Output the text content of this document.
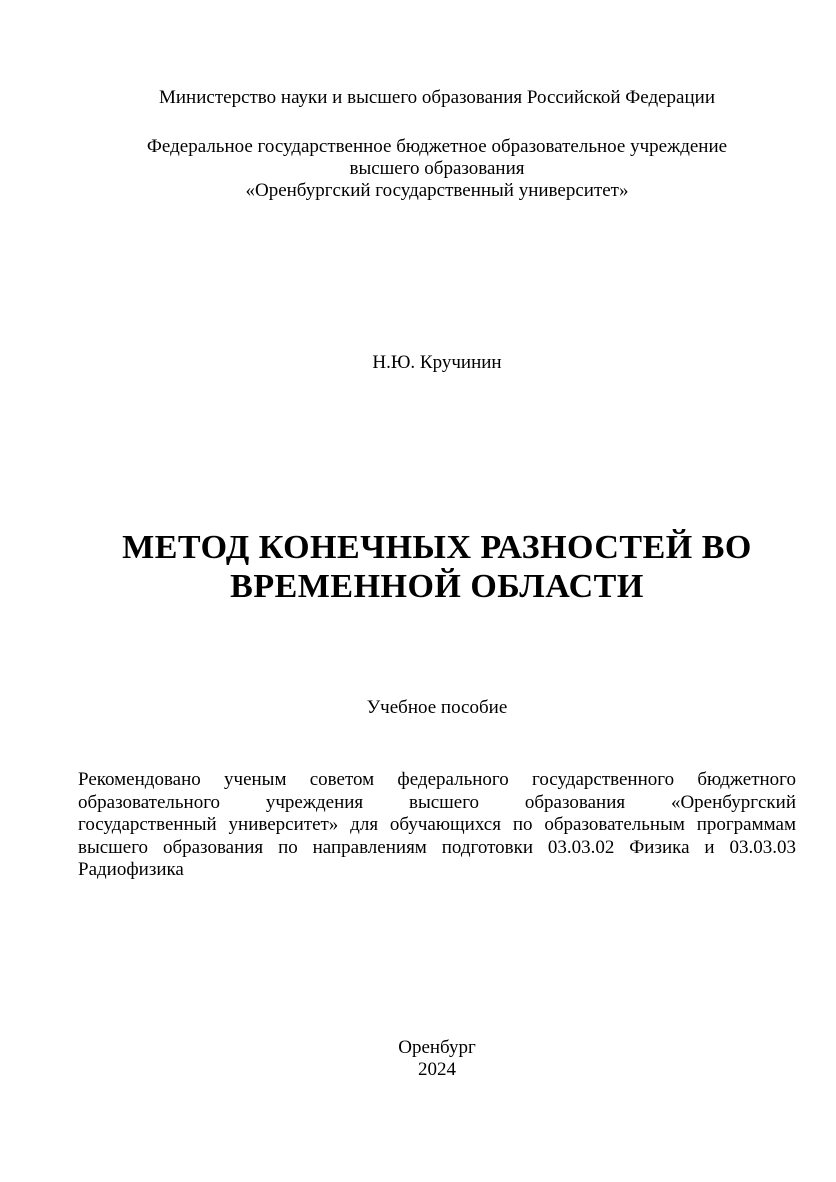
Министерство науки и высшего образования Российской Федерации
Федеральное государственное бюджетное образовательное учреждение
высшего образования
«Оренбургский государственный университет»
Н.Ю. Кручинин
МЕТОД КОНЕЧНЫХ РАЗНОСТЕЙ ВО
ВРЕМЕННОЙ ОБЛАСТИ
Учебное пособие
Рекомендовано ученым советом федерального государственного бюджетного
образовательного учреждения высшего образования «Оренбургский
государственный университет» для обучающихся по образовательным программам
высшего образования по направлениям подготовки 03.03.02 Физика и 03.03.03
Радиофизика
Оренбург
2024
